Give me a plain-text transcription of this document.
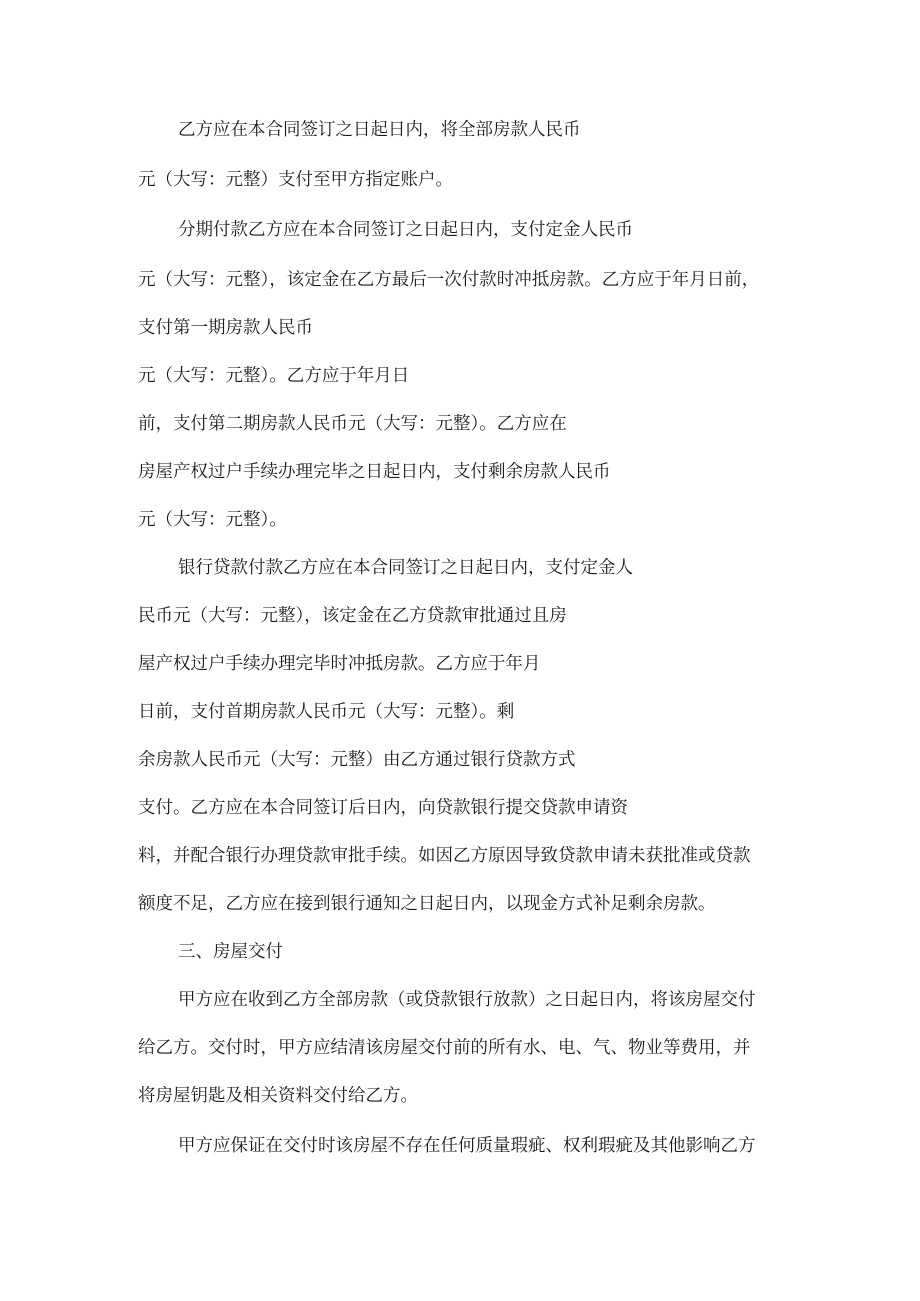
乙方应在本合同签订之日起日内，将全部房款人民币

元（大写：元整）支付至甲方指定账户。

分期付款乙方应在本合同签订之日起日内，支付定金人民币

元（大写：元整），该定金在乙方最后一次付款时冲抵房款。乙方应于年月日前，

支付第一期房款人民币

元（大写：元整）。乙方应于年月日

前，支付第二期房款人民币元（大写：元整）。乙方应在

房屋产权过户手续办理完毕之日起日内，支付剩余房款人民币

元（大写：元整）。

银行贷款付款乙方应在本合同签订之日起日内，支付定金人

民币元（大写：元整），该定金在乙方贷款审批通过且房

屋产权过户手续办理完毕时冲抵房款。乙方应于年月

日前，支付首期房款人民币元（大写：元整）。剩

余房款人民币元（大写：元整）由乙方通过银行贷款方式

支付。乙方应在本合同签订后日内，向贷款银行提交贷款申请资

料，并配合银行办理贷款审批手续。如因乙方原因导致贷款申请未获批准或贷款

额度不足，乙方应在接到银行通知之日起日内，以现金方式补足剩余房款。

三、房屋交付

甲方应在收到乙方全部房款（或贷款银行放款）之日起日内，将该房屋交付

给乙方。交付时，甲方应结清该房屋交付前的所有水、电、气、物业等费用，并

将房屋钥匙及相关资料交付给乙方。

甲方应保证在交付时该房屋不存在任何质量瑕疵、权利瑕疵及其他影响乙方
